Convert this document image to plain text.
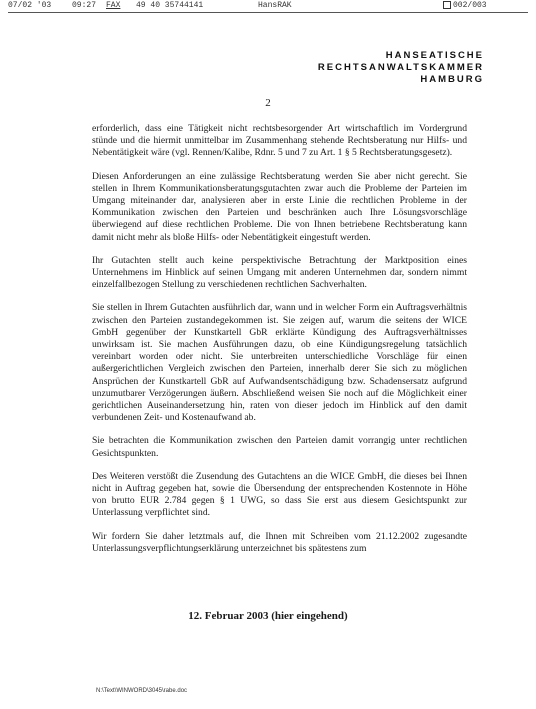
07/02 '03	09:27 FAX 49 40 35744141	HansRAK	002/003
HANSEATISCHE
RECHTSANWALTSKAMMER
HAMBURG
2

erforderlich, dass eine Tätigkeit nicht rechtsbesorgender Art wirtschaftlich im Vordergrund stünde und die hiermit unmittelbar im Zusammenhang stehende Rechtsberatung nur Hilfs- und Nebentätigkeit wäre (vgl. Rennen/Kalibe, Rdnr. 5 und 7 zu Art. 1 § 5 Rechtsberatungsgesetz).

Diesen Anforderungen an eine zulässige Rechtsberatung werden Sie aber nicht gerecht. Sie stellen in Ihrem Kommunikationsberatungsgutachten zwar auch die Probleme der Parteien im Umgang miteinander dar, analysieren aber in erste Linie die rechtlichen Probleme in der Kommunikation zwischen den Parteien und beschränken auch Ihre Lösungsvorschläge überwiegend auf diese rechtlichen Probleme. Die von Ihnen betriebene Rechtsberatung kann damit nicht mehr als bloße Hilfs- oder Nebentätigkeit eingestuft werden.

Ihr Gutachten stellt auch keine perspektivische Betrachtung der Marktposition eines Unternehmens im Hinblick auf seinen Umgang mit anderen Unternehmen dar, sondern nimmt einzelfallbezogen Stellung zu verschiedenen rechtlichen Sachverhalten.

Sie stellen in Ihrem Gutachten ausführlich dar, wann und in welcher Form ein Auftragsverhältnis zwischen den Parteien zustandegekommen ist. Sie zeigen auf, warum die seitens der WICE GmbH gegenüber der Kunstkartell GbR erklärte Kündigung des Auftragsverhältnisses unwirksam ist. Sie machen Ausführungen dazu, ob eine Kündigungsregelung tatsächlich vereinbart worden oder nicht. Sie unterbreiten unterschiedliche Vorschläge für einen außergerichtlichen Vergleich zwischen den Parteien, innerhalb derer Sie sich zu möglichen Ansprüchen der Kunstkartell GbR auf Aufwandsentschädigung bzw. Schadensersatz aufgrund unzumutbarer Verzögerungen äußern. Abschließend weisen Sie noch auf die Möglichkeit einer gerichtlichen Auseinandersetzung hin, raten von dieser jedoch im Hinblick auf den damit verbundenen Zeit- und Kostenaufwand ab.

Sie betrachten die Kommunikation zwischen den Parteien damit vorrangig unter rechtlichen Gesichtspunkten.

Des Weiteren verstößt die Zusendung des Gutachtens an die WICE GmbH, die dieses bei Ihnen nicht in Auftrag gegeben hat, sowie die Übersendung der entsprechenden Kostennote in Höhe von brutto EUR 2.784 gegen § 1 UWG, so dass Sie erst aus diesem Gesichtspunkt zur Unterlassung verpflichtet sind.

Wir fordern Sie daher letztmals auf, die Ihnen mit Schreiben vom 21.12.2002 zugesandte Unterlassungsverpflichtungserklärung unterzeichnet bis spätestens zum

12. Februar 2003 (hier eingehend)
N:\Text\WINWORD\3045\rabe.doc
